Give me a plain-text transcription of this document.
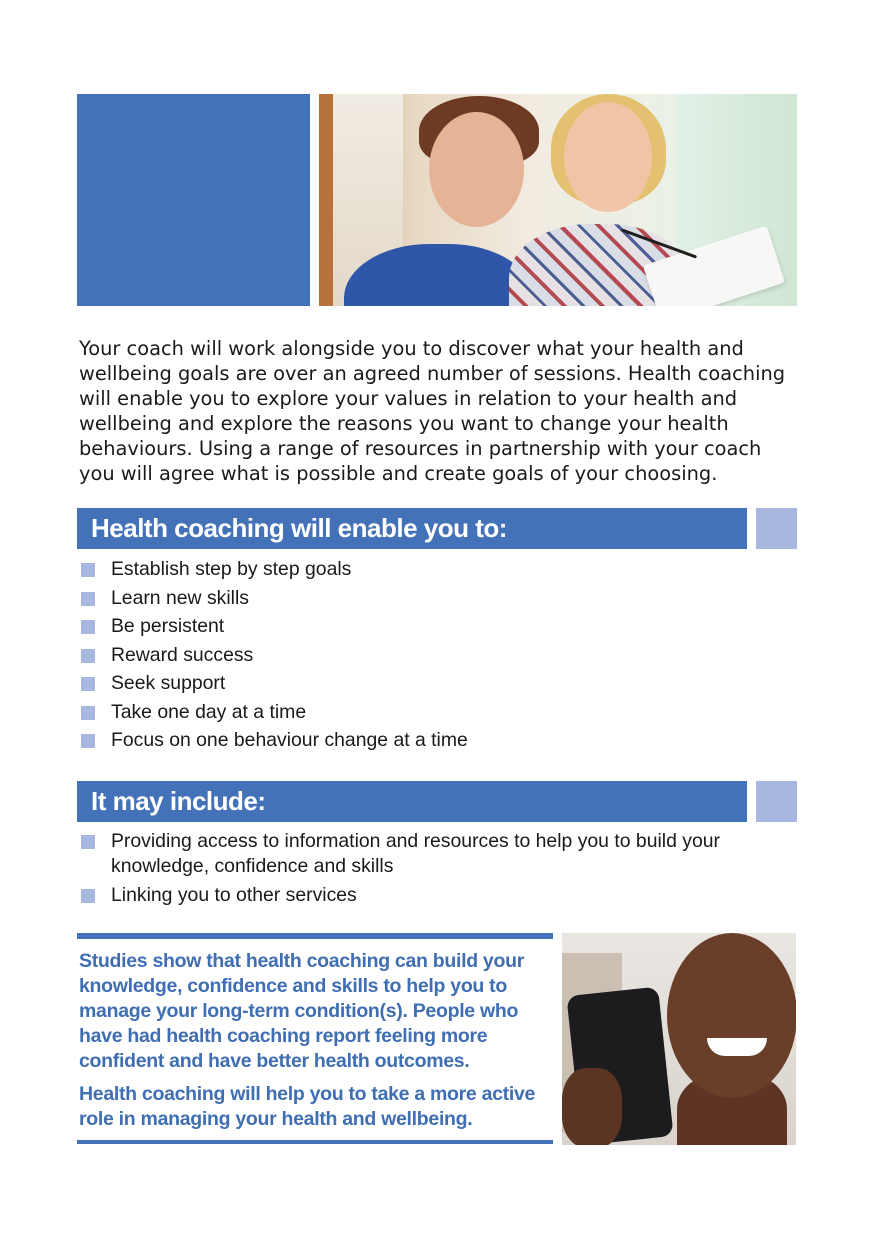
Your coach will work alongside you to discover what your health and wellbeing goals are over an agreed number of sessions. Health coaching will enable you to explore your values in relation to your health and wellbeing and explore the reasons you want to change your health behaviours. Using a range of resources in partnership with your coach you will agree what is possible and create goals of your choosing.

Health coaching will enable you to:
Establish step by step goals
Learn new skills
Be persistent
Reward success
Seek support
Take one day at a time
Focus on one behaviour change at a time
It may include:
Providing access to information and resources to help you to build your knowledge, confidence and skills
Linking you to other services

Studies show that health coaching can build your knowledge, confidence and skills to help you to manage your long-term condition(s). People who have had health coaching report feeling more confident and have better health outcomes.

Health coaching will help you to take a more active role in managing your health and wellbeing.
